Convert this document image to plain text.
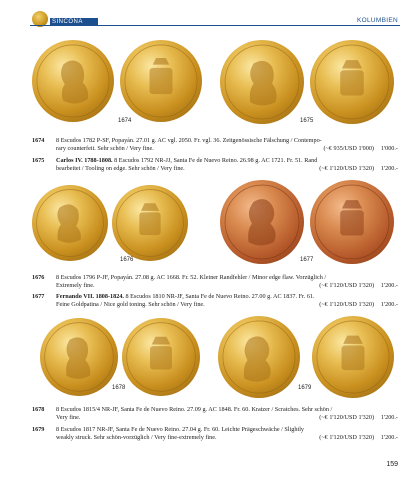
SINCONA	KOLUMBIEN
1674	1675
1674 8 Escudos 1782 P-SF, Popayán. 27.01 g. AC vgl. 2050. Fr. vgl. 36. Zeitgenössische Fälschung / Contempo-
rary counterfeit. Sehr schön / Very fine.	(~€ 935/USD 1'000) 1'000.-
1675 Carlos IV. 1788-1808. 8 Escudos 1792 NR-JJ, Santa Fe de Nuevo Reino. 26.98 g. AC 1721. Fr. 51. Rand
bearbeitet / Tooling on edge. Sehr schön / Very fine.	(~€ 1'120/USD 1'320) 1'200.-
1676	1677
1676 8 Escudos 1796 P-JF, Popayán. 27.08 g. AC 1668. Fr. 52. Kleiner Randfehler / Minor edge flaw. Vorzüglich /
Extremely fine.	(~€ 1'120/USD 1'320) 1'200.-
1677 Fernando VII. 1808-1824. 8 Escudos 1810 NR-JF, Santa Fe de Nuevo Reino. 27.00 g. AC 1837. Fr. 61.
Feine Goldpatina / Nice gold toning. Sehr schön / Very fine.	(~€ 1'120/USD 1'320) 1'200.-
1678	1679
1678 8 Escudos 1815/4 NR-JF, Santa Fe de Nuevo Reino. 27.09 g. AC 1848. Fr. 60. Kratzer / Scratches. Sehr schön /
Very fine.	(~€ 1'120/USD 1'320) 1'200.-
1679 8 Escudos 1817 NR-JF, Santa Fe de Nuevo Reino. 27.04 g. Fr. 60. Leichte Prägeschwäche / Slightly
weakly struck. Sehr schön-vorzüglich / Very fine-extremely fine.	(~€ 1'120/USD 1'320) 1'200.-
159
